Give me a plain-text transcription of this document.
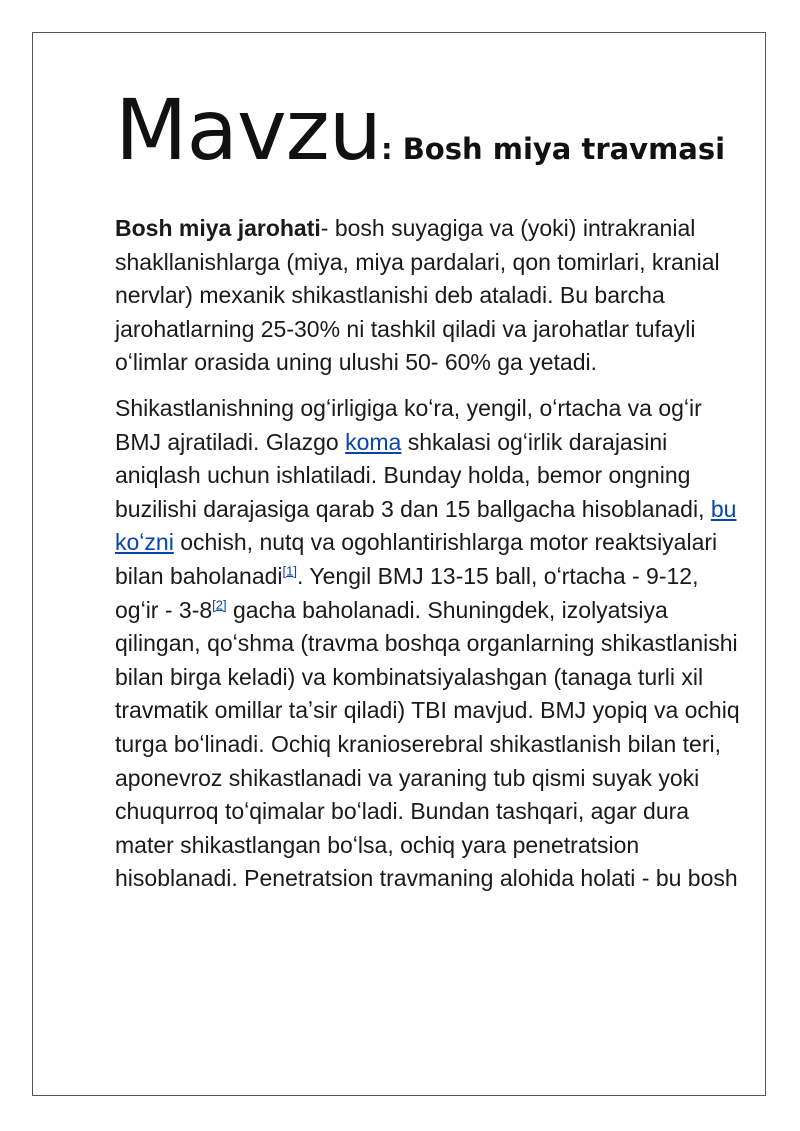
Mavzu: Bosh miya travmasi

Bosh miya jarohati- bosh suyagiga va (yoki) intrakranial shakllanishlarga (miya, miya pardalari, qon tomirlari, kranial nervlar) mexanik shikastlanishi deb ataladi. Bu barcha jarohatlarning 25-30% ni tashkil qiladi va jarohatlar tufayli oʻlimlar orasida uning ulushi 50- 60% ga yetadi.

Shikastlanishning ogʻirligiga koʻra, yengil, oʻrtacha va ogʻir BMJ ajratiladi. Glazgo koma shkalasi ogʻirlik darajasini aniqlash uchun ishlatiladi. Bunday holda, bemor ongning buzilishi darajasiga qarab 3 dan 15 ballgacha hisoblanadi, bu koʻzni ochish, nutq va ogohlantirishlarga motor reaktsiyalari bilan baholanadi[1]. Yengil BMJ 13-15 ball, oʻrtacha - 9-12, ogʻir - 3-8[2] gacha baholanadi. Shuningdek, izolyatsiya qilingan, qoʻshma (travma boshqa organlarning shikastlanishi bilan birga keladi) va kombinatsiyalashgan (tanaga turli xil travmatik omillar taʼsir qiladi) TBI mavjud. BMJ yopiq va ochiq turga boʻlinadi. Ochiq kranioserebral shikastlanish bilan teri, aponevroz shikastlanadi va yaraning tub qismi suyak yoki chuqurroq toʻqimalar boʻladi. Bundan tashqari, agar dura mater shikastlangan boʻlsa, ochiq yara penetratsion hisoblanadi. Penetratsion travmaning alohida holati - bu bosh
